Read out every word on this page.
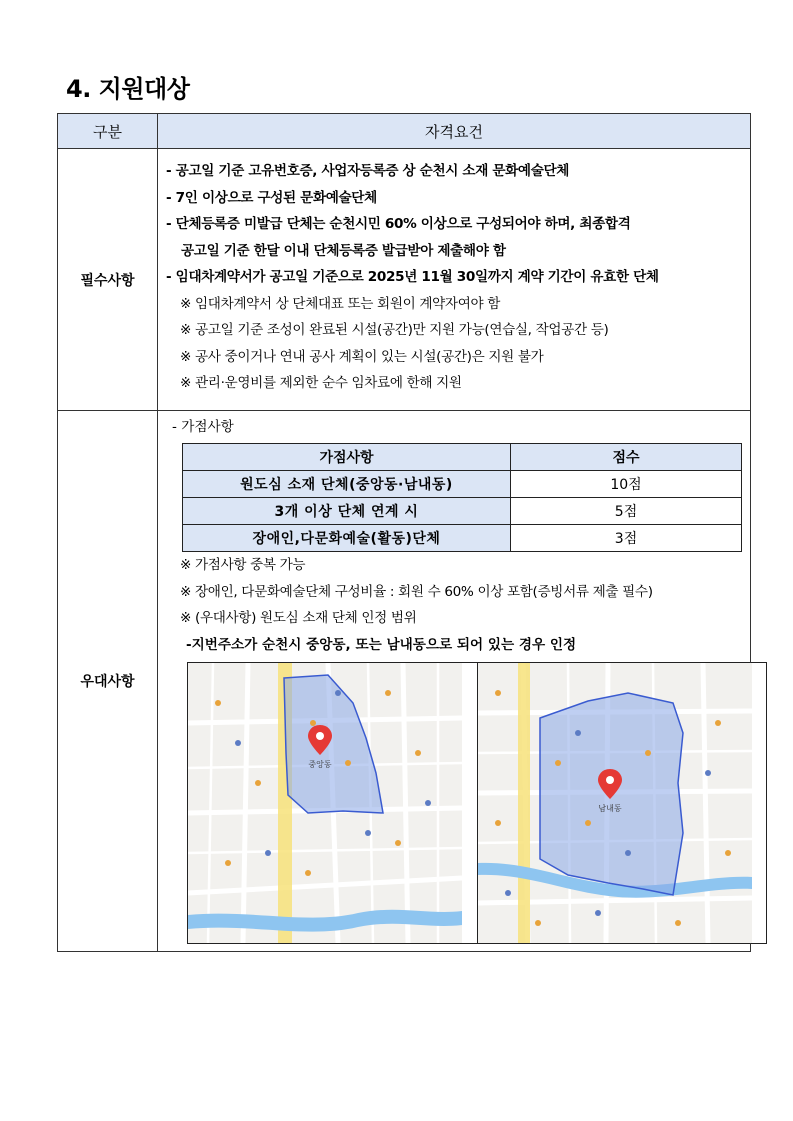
4. 지원대상
구분	자격요건
필수사항	
- 공고일 기준 고유번호증, 사업자등록증 상 순천시 소재 문화예술단체
- 7인 이상으로 구성된 문화예술단체
- 단체등록증 미발급 단체는 순천시민 60% 이상으로 구성되어야 하며, 최종합격
공고일 기준 한달 이내 단체등록증 발급받아 제출해야 함
- 임대차계약서가 공고일 기준으로 2025년 11월 30일까지 계약 기간이 유효한 단체
※ 임대차계약서 상 단체대표 또는 회원이 계약자여야 함
※ 공고일 기준 조성이 완료된 시설(공간)만 지원 가능(연습실, 작업공간 등)
※ 공사 중이거나 연내 공사 계획이 있는 시설(공간)은 지원 불가
※ 관리·운영비를 제외한 순수 임차료에 한해 지원

우대사항	
- 가점사항
가점사항	점수
원도심 소재 단체(중앙동·남내동)	10점
3개 이상 단체 연계 시	5점
장애인,다문화예술(활동)단체	3점
※ 가점사항 중복 가능
※ 장애인, 다문화예술단체 구성비율 : 회원 수 60% 이상 포함(증빙서류 제출 필수)
※ (우대사항) 원도심 소재 단체 인정 범위
-지번주소가 순천시 중앙동, 또는 남내동으로 되어 있는 경우 인정
중앙동
남내동
